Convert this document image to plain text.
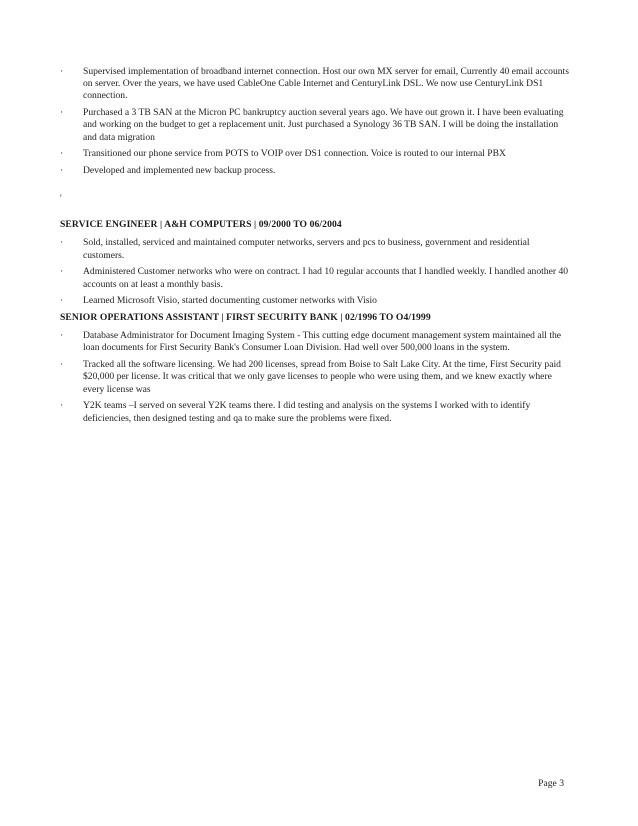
·	Supervised implementation of broadband internet connection. Host our own MX server for email, Currently 40 email accounts on server. Over the years, we have used CableOne Cable Internet and CenturyLink DSL. We now use CenturyLink DS1 connection.
·	Purchased a 3 TB SAN at the Micron PC bankruptcy auction several years ago. We have out grown it. I have been evaluating and working on the budget to get a replacement unit. Just purchased a Synology 36 TB SAN. I will be doing the installation and data migration
·	Transitioned our phone service from POTS to VOIP over DS1 connection. Voice is routed to our internal PBX
·	Developed and implemented new backup process.
'
SERVICE ENGINEER | A&H COMPUTERS | 09/2000 TO 06/2004
·	Sold, installed, serviced and maintained computer networks, servers and pcs to business, government and residential customers.
·	Administered Customer networks who were on contract. I had 10 regular accounts that I handled weekly. I handled another 40 accounts on at least a monthly basis.
·	Learned Microsoft Visio, started documenting customer networks with Visio
SENIOR OPERATIONS ASSISTANT | FIRST SECURITY BANK | 02/1996 TO O4/1999
·	Database Administrator for Document Imaging System - This cutting edge document management system maintained all the loan documents for First Security Bank's Consumer Loan Division. Had well over 500,000 loans in the system.
·	Tracked all the software licensing. We had 200 licenses, spread from Boise to Salt Lake City. At the time, First Security paid $20,000 per license. It was critical that we only gave licenses to people who were using them, and we knew exactly where every license was
·	Y2K teams –I served on several Y2K teams there. I did testing and analysis on the systems I worked with to identify deficiencies, then designed testing and qa to make sure the problems were fixed.
Page 3
